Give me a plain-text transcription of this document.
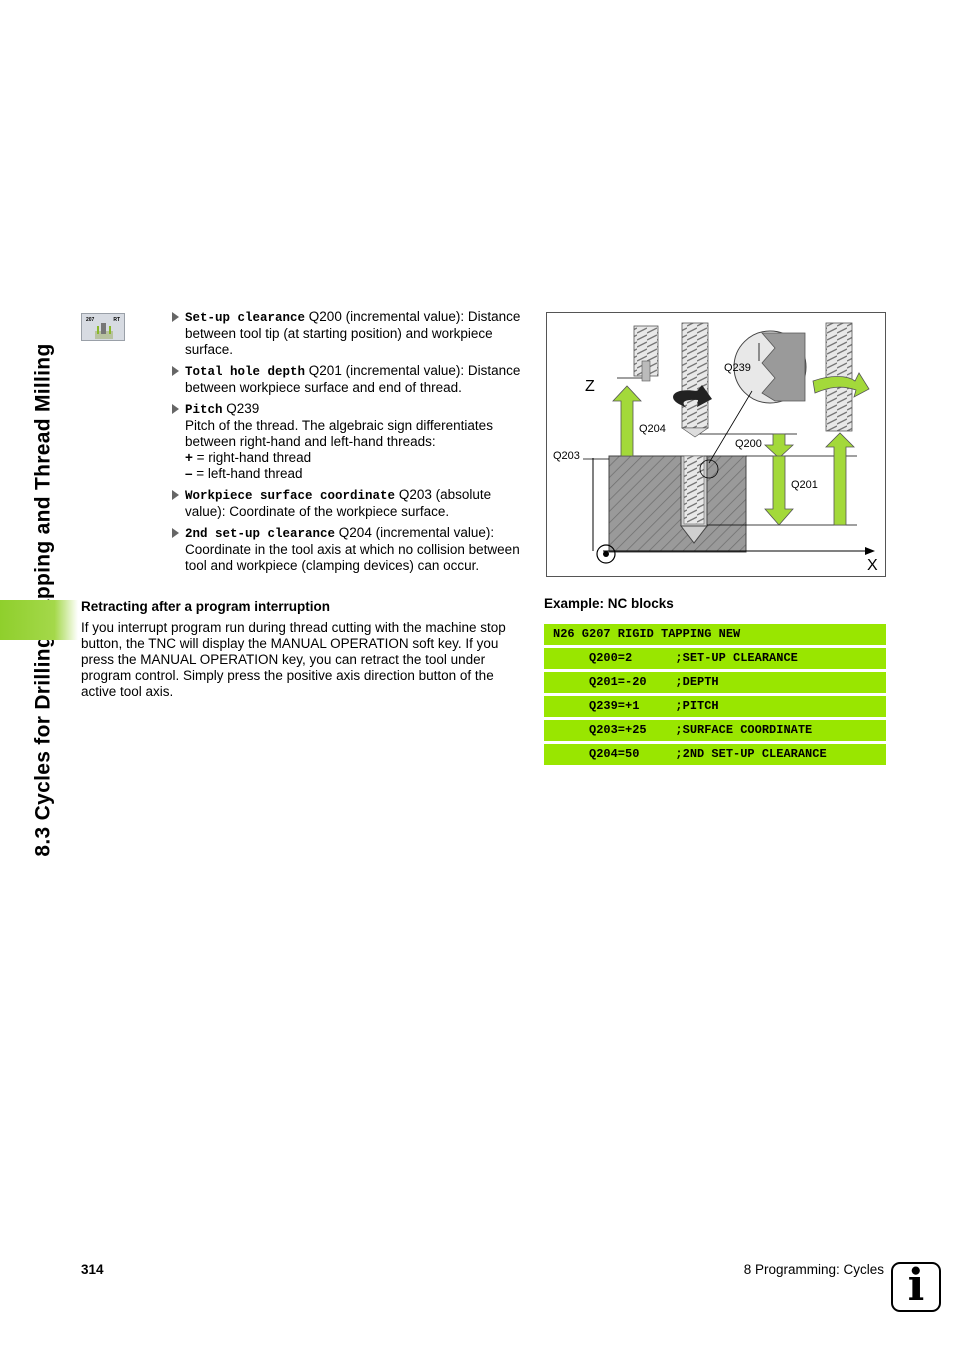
207	RT	Set-up clearance Q200 (incremental value): Distance between tool tip (at starting position) and workpiece surface.
Total hole depth Q201 (incremental value): Distance between workpiece surface and end of thread.
Pitch Q239
Pitch of the thread. The algebraic sign differentiates between right-hand and left-hand threads:
+ = right-hand thread
– = left-hand thread
Workpiece surface coordinate Q203 (absolute value): Coordinate of the workpiece surface.
2nd set-up clearance Q204 (incremental value): Coordinate in the tool axis at which no collision between tool and workpiece (clamping devices) can occur.
Retracting after a program interruption
If you interrupt program run during thread cutting with the machine stop button, the TNC will display the MANUAL OPERATION soft key. If you press the MANUAL OPERATION key, you can retract the tool under program control. Simply press the positive axis direction button of the active tool axis.
X
Z
Q239
Q204
Q200
Q201
Q203
Example: NC blocks
N26 G207 RIGID TAPPING NEW
Q200=2      ;SET-UP CLEARANCE
Q201=-20    ;DEPTH
Q239=+1     ;PITCH
Q203=+25    ;SURFACE COORDINATE
Q204=50     ;2ND SET-UP CLEARANCE
314	8 Programming: Cycles i
